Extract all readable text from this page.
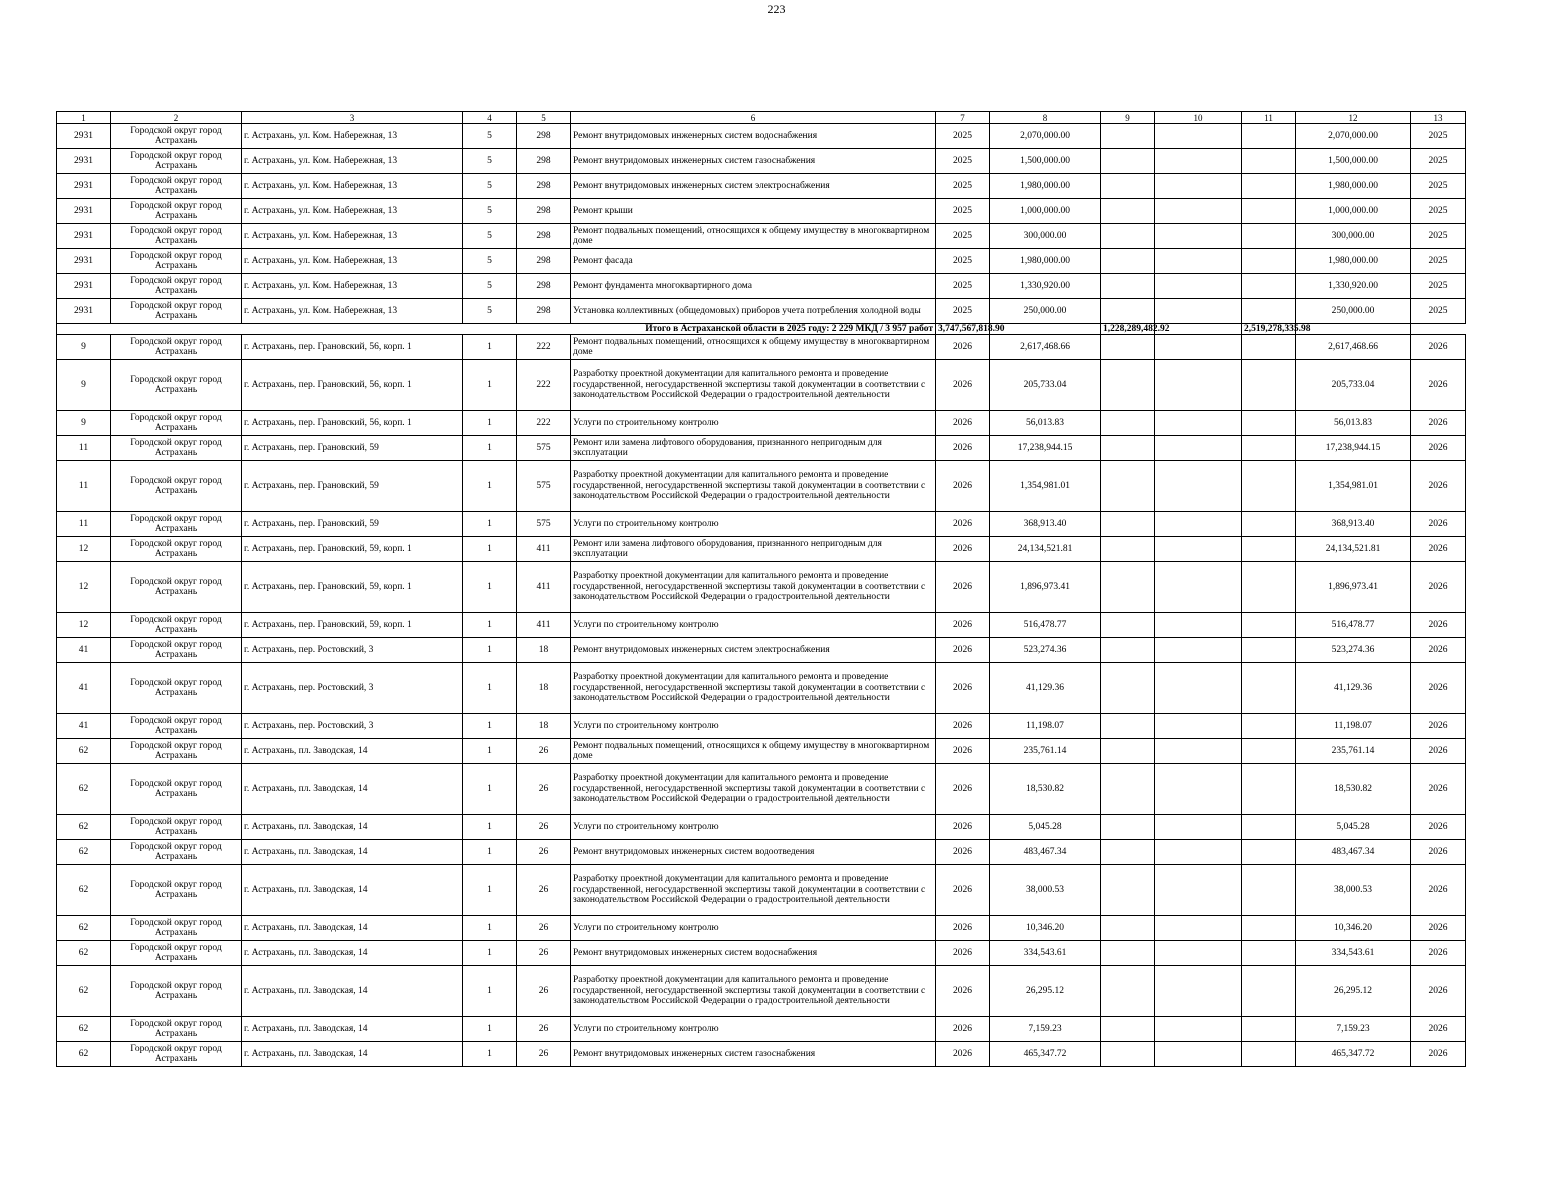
223
1	2	3	4	5	6	7	8	9	10	11	12	13
2931	Городской округ город Астрахань	г. Астрахань, ул. Ком. Набережная, 13	5	298	Ремонт внутридомовых инженерных систем водоснабжения	2025	2,070,000.00				2,070,000.00	2025
2931	Городской округ город Астрахань	г. Астрахань, ул. Ком. Набережная, 13	5	298	Ремонт внутридомовых инженерных систем газоснабжения	2025	1,500,000.00				1,500,000.00	2025
2931	Городской округ город Астрахань	г. Астрахань, ул. Ком. Набережная, 13	5	298	Ремонт внутридомовых инженерных систем электроснабжения	2025	1,980,000.00				1,980,000.00	2025
2931	Городской округ город Астрахань	г. Астрахань, ул. Ком. Набережная, 13	5	298	Ремонт крыши	2025	1,000,000.00				1,000,000.00	2025
2931	Городской округ город Астрахань	г. Астрахань, ул. Ком. Набережная, 13	5	298	Ремонт подвальных помещений, относящихся к общему имуществу в многоквартирном доме	2025	300,000.00				300,000.00	2025
2931	Городской округ город Астрахань	г. Астрахань, ул. Ком. Набережная, 13	5	298	Ремонт фасада	2025	1,980,000.00				1,980,000.00	2025
2931	Городской округ город Астрахань	г. Астрахань, ул. Ком. Набережная, 13	5	298	Ремонт фундамента многоквартирного дома	2025	1,330,920.00				1,330,920.00	2025
2931	Городской округ город Астрахань	г. Астрахань, ул. Ком. Набережная, 13	5	298	Установка коллективных (общедомовых) приборов учета потребления холодной воды	2025	250,000.00				250,000.00	2025
Итого в Астраханской области в 2025 году: 2 229 МКД / 3 957 работ						3,747,567,818.90		1,228,289,482.92		2,519,278,335.98		
9	Городской округ город Астрахань	г. Астрахань, пер. Грановский, 56, корп. 1	1	222	Ремонт подвальных помещений, относящихся к общему имуществу в многоквартирном доме	2026	2,617,468.66				2,617,468.66	2026
9	Городской округ город Астрахань	г. Астрахань, пер. Грановский, 56, корп. 1	1	222	Разработку проектной документации для капитального ремонта и проведение государственной, негосударственной экспертизы такой документации в соответствии с законодательством Российской Федерации о градостроительной деятельности	2026	205,733.04				205,733.04	2026
9	Городской округ город Астрахань	г. Астрахань, пер. Грановский, 56, корп. 1	1	222	Услуги по строительному контролю	2026	56,013.83				56,013.83	2026
11	Городской округ город Астрахань	г. Астрахань, пер. Грановский, 59	1	575	Ремонт или замена лифтового оборудования, признанного непригодным для эксплуатации	2026	17,238,944.15				17,238,944.15	2026
11	Городской округ город Астрахань	г. Астрахань, пер. Грановский, 59	1	575	Разработку проектной документации для капитального ремонта и проведение государственной, негосударственной экспертизы такой документации в соответствии с законодательством Российской Федерации о градостроительной деятельности	2026	1,354,981.01				1,354,981.01	2026
11	Городской округ город Астрахань	г. Астрахань, пер. Грановский, 59	1	575	Услуги по строительному контролю	2026	368,913.40				368,913.40	2026
12	Городской округ город Астрахань	г. Астрахань, пер. Грановский, 59, корп. 1	1	411	Ремонт или замена лифтового оборудования, признанного непригодным для эксплуатации	2026	24,134,521.81				24,134,521.81	2026
12	Городской округ город Астрахань	г. Астрахань, пер. Грановский, 59, корп. 1	1	411	Разработку проектной документации для капитального ремонта и проведение государственной, негосударственной экспертизы такой документации в соответствии с законодательством Российской Федерации о градостроительной деятельности	2026	1,896,973.41				1,896,973.41	2026
12	Городской округ город Астрахань	г. Астрахань, пер. Грановский, 59, корп. 1	1	411	Услуги по строительному контролю	2026	516,478.77				516,478.77	2026
41	Городской округ город Астрахань	г. Астрахань, пер. Ростовский, 3	1	18	Ремонт внутридомовых инженерных систем электроснабжения	2026	523,274.36				523,274.36	2026
41	Городской округ город Астрахань	г. Астрахань, пер. Ростовский, 3	1	18	Разработку проектной документации для капитального ремонта и проведение государственной, негосударственной экспертизы такой документации в соответствии с законодательством Российской Федерации о градостроительной деятельности	2026	41,129.36				41,129.36	2026
41	Городской округ город Астрахань	г. Астрахань, пер. Ростовский, 3	1	18	Услуги по строительному контролю	2026	11,198.07				11,198.07	2026
62	Городской округ город Астрахань	г. Астрахань, пл. Заводская, 14	1	26	Ремонт подвальных помещений, относящихся к общему имуществу в многоквартирном доме	2026	235,761.14				235,761.14	2026
62	Городской округ город Астрахань	г. Астрахань, пл. Заводская, 14	1	26	Разработку проектной документации для капитального ремонта и проведение государственной, негосударственной экспертизы такой документации в соответствии с законодательством Российской Федерации о градостроительной деятельности	2026	18,530.82				18,530.82	2026
62	Городской округ город Астрахань	г. Астрахань, пл. Заводская, 14	1	26	Услуги по строительному контролю	2026	5,045.28				5,045.28	2026
62	Городской округ город Астрахань	г. Астрахань, пл. Заводская, 14	1	26	Ремонт внутридомовых инженерных систем водоотведения	2026	483,467.34				483,467.34	2026
62	Городской округ город Астрахань	г. Астрахань, пл. Заводская, 14	1	26	Разработку проектной документации для капитального ремонта и проведение государственной, негосударственной экспертизы такой документации в соответствии с законодательством Российской Федерации о градостроительной деятельности	2026	38,000.53				38,000.53	2026
62	Городской округ город Астрахань	г. Астрахань, пл. Заводская, 14	1	26	Услуги по строительному контролю	2026	10,346.20				10,346.20	2026
62	Городской округ город Астрахань	г. Астрахань, пл. Заводская, 14	1	26	Ремонт внутридомовых инженерных систем водоснабжения	2026	334,543.61				334,543.61	2026
62	Городской округ город Астрахань	г. Астрахань, пл. Заводская, 14	1	26	Разработку проектной документации для капитального ремонта и проведение государственной, негосударственной экспертизы такой документации в соответствии с законодательством Российской Федерации о градостроительной деятельности	2026	26,295.12				26,295.12	2026
62	Городской округ город Астрахань	г. Астрахань, пл. Заводская, 14	1	26	Услуги по строительному контролю	2026	7,159.23				7,159.23	2026
62	Городской округ город Астрахань	г. Астрахань, пл. Заводская, 14	1	26	Ремонт внутридомовых инженерных систем газоснабжения	2026	465,347.72				465,347.72	2026
